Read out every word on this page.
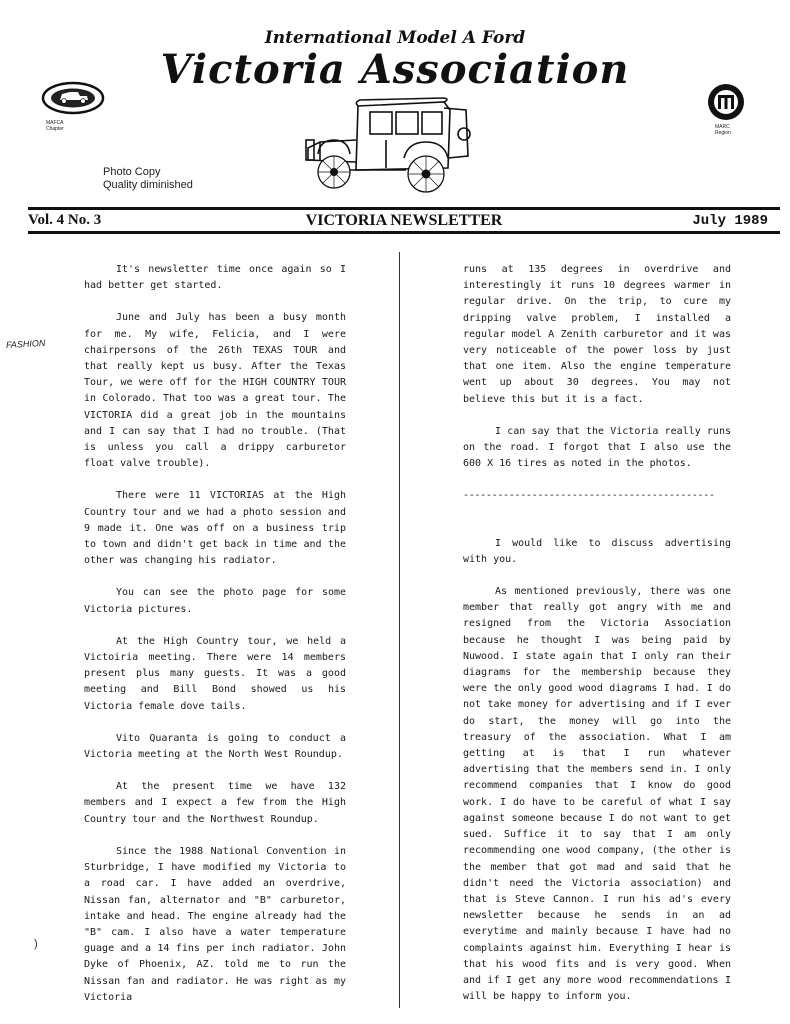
International Model A Ford
Victoria Association
MAFCA
Chapter	MARC
Region
Photo Copy
Quality diminished
Vol. 4 No. 3	VICTORIA NEWSLETTER	July 1989
FASHION
)

It's newsletter time once again so I had better get started.

June and July has been a busy month for me. My wife, Felicia, and I were chairpersons of the 26th TEXAS TOUR and that really kept us busy. After the Texas Tour, we were off for the HIGH COUNTRY TOUR in Colorado. That too was a great tour. The VICTORIA did a great job in the mountains and I can say that I had no trouble. (That is unless you call a drippy carburetor float valve trouble).

There were 11 VICTORIAS at the High Country tour and we had a photo session and 9 made it. One was off on a business trip to town and didn't get back in time and the other was changing his radiator.

You can see the photo page for some Victoria pictures.

At the High Country tour, we held a Victoiria meeting. There were 14 members present plus many guests. It was a good meeting and Bill Bond showed us his Victoria female dove tails.

Vito Quaranta is going to conduct a Victoria meeting at the North West Roundup.

At the present time we have 132 members and I expect a few from the High Country tour and the Northwest Roundup.

Since the 1988 National Convention in Sturbridge, I have modified my Victoria to a road car. I have added an overdrive, Nissan fan, alternator and "B" carburetor, intake and head. The engine already had the "B" cam. I also have a water temperature guage and a 14 fins per inch radiator. John Dyke of Phoenix, AZ. told me to run the Nissan fan and radiator. He was right as my Victoria

runs at 135 degrees in overdrive and interestingly it runs 10 degrees warmer in regular drive. On the trip, to cure my dripping valve problem, I installed a regular model A Zenith carburetor and it was very noticeable of the power loss by just that one item. Also the engine temperature went up about 30 degrees. You may not believe this but it is a fact.

I can say that the Victoria really runs on the road. I forgot that I also use the 600 X 16 tires as noted in the photos.

--------------------------------------------

I would like to discuss advertising with you.

As mentioned previously, there was one member that really got angry with me and resigned from the Victoria Association because he thought I was being paid by Nuwood. I state again that I only ran their diagrams for the membership because they were the only good wood diagrams I had. I do not take money for advertising and if I ever do start, the money will go into the treasury of the association. What I am getting at is that I run whatever advertising that the members send in. I only recommend companies that I know do good work. I do have to be careful of what I say against someone because I do not want to get sued. Suffice it to say that I am only recommending one wood company, (the other is the member that got mad and said that he didn't need the Victoria association) and that is Steve Cannon. I run his ad's every newsletter because he sends in an ad everytime and mainly because I have had no complaints against him. Everything I hear is that his wood fits and is very good. When and if I get any more wood recommendations I will be happy to inform you.
